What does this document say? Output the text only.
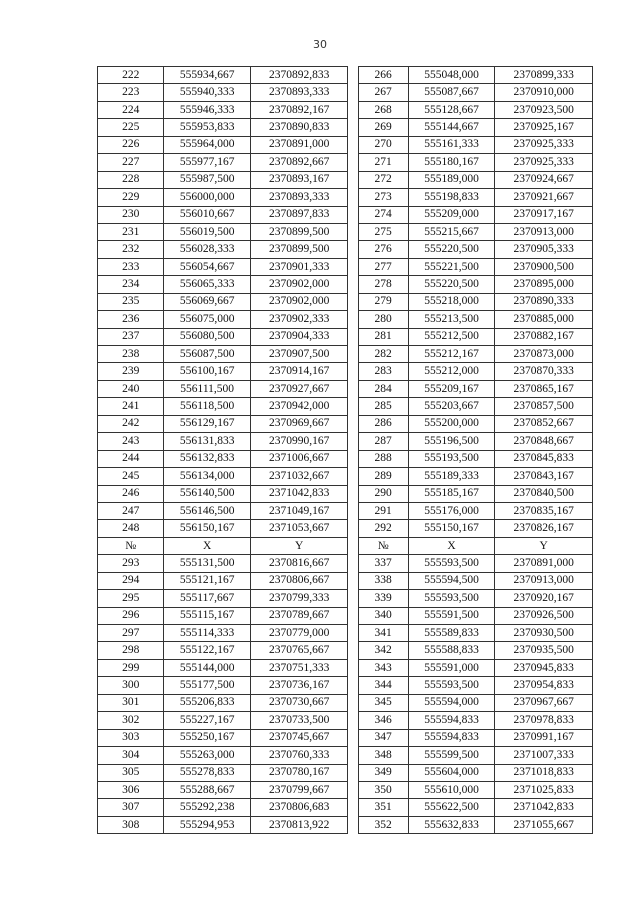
30
222	555934,667	2370892,833		266	555048,000	2370899,333
223	555940,333	2370893,333		267	555087,667	2370910,000
224	555946,333	2370892,167		268	555128,667	2370923,500
225	555953,833	2370890,833		269	555144,667	2370925,167
226	555964,000	2370891,000		270	555161,333	2370925,333
227	555977,167	2370892,667		271	555180,167	2370925,333
228	555987,500	2370893,167		272	555189,000	2370924,667
229	556000,000	2370893,333		273	555198,833	2370921,667
230	556010,667	2370897,833		274	555209,000	2370917,167
231	556019,500	2370899,500		275	555215,667	2370913,000
232	556028,333	2370899,500		276	555220,500	2370905,333
233	556054,667	2370901,333		277	555221,500	2370900,500
234	556065,333	2370902,000		278	555220,500	2370895,000
235	556069,667	2370902,000		279	555218,000	2370890,333
236	556075,000	2370902,333		280	555213,500	2370885,000
237	556080,500	2370904,333		281	555212,500	2370882,167
238	556087,500	2370907,500		282	555212,167	2370873,000
239	556100,167	2370914,167		283	555212,000	2370870,333
240	556111,500	2370927,667		284	555209,167	2370865,167
241	556118,500	2370942,000		285	555203,667	2370857,500
242	556129,167	2370969,667		286	555200,000	2370852,667
243	556131,833	2370990,167		287	555196,500	2370848,667
244	556132,833	2371006,667		288	555193,500	2370845,833
245	556134,000	2371032,667		289	555189,333	2370843,167
246	556140,500	2371042,833		290	555185,167	2370840,500
247	556146,500	2371049,167		291	555176,000	2370835,167
248	556150,167	2371053,667		292	555150,167	2370826,167
№	X	Y		№	X	Y
293	555131,500	2370816,667		337	555593,500	2370891,000
294	555121,167	2370806,667		338	555594,500	2370913,000
295	555117,667	2370799,333		339	555593,500	2370920,167
296	555115,167	2370789,667		340	555591,500	2370926,500
297	555114,333	2370779,000		341	555589,833	2370930,500
298	555122,167	2370765,667		342	555588,833	2370935,500
299	555144,000	2370751,333		343	555591,000	2370945,833
300	555177,500	2370736,167		344	555593,500	2370954,833
301	555206,833	2370730,667		345	555594,000	2370967,667
302	555227,167	2370733,500		346	555594,833	2370978,833
303	555250,167	2370745,667		347	555594,833	2370991,167
304	555263,000	2370760,333		348	555599,500	2371007,333
305	555278,833	2370780,167		349	555604,000	2371018,833
306	555288,667	2370799,667		350	555610,000	2371025,833
307	555292,238	2370806,683		351	555622,500	2371042,833
308	555294,953	2370813,922		352	555632,833	2371055,667
